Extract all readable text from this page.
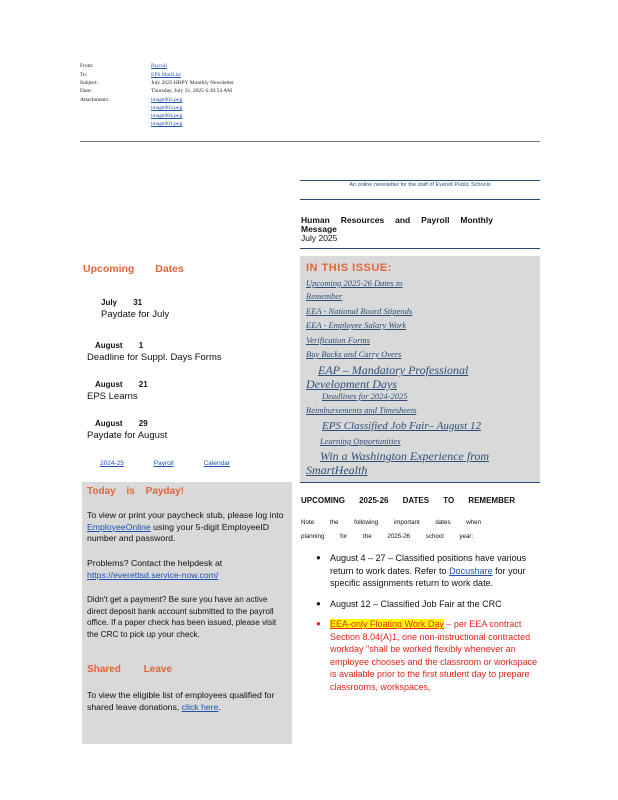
From:	Payroll
To:	EPS MailList
Subject:	July 2025 HRPY Monthly Newsletter
Date:	Thursday, July 31, 2025 6:30:54 AM
Attachments:	image002.png
image003.png
image004.png
image001.png
An online newsletter for the staff of Everett Public Schools
Human Resources and Payroll Monthly
Message
July 2025
IN THIS ISSUE:
Upcoming 2025-26 Dates to
Remember
EEA - National Board Stipends
EEA - Employee Salary Work
Verification Forms
Buy Backs and Carry Overs
EAP – Mandatory Professional
Development Days
Deadlines for 2024-2025
Reimbursements and Timesheets
EPS Classified Job Fair– August 12
Learning Opportunities
Win a Washington Experience from
SmartHealth
Upcoming Dates
July 31
Paydate for July
August 1
Deadline for Suppl. Days Forms
August 21
EPS Learns
August 29
Paydate for August
2024-25	Payroll	Calendar
Today is Payday!
To view or print your paycheck stub, please log into EmployeeOnline using your 5-digit EmployeeID number and password.
Problems? Contact the helpdesk at
https://everettsd.service-now.com/
Didn't get a payment? Be sure you have an active direct deposit bank account submitted to the payroll office. If a paper check has been issued, please visit the CRC to pick up your check.
Shared Leave
To view the eligible list of employees qualified for shared leave donations, click here.
UPCOMING 2025-26 DATES TO REMEMBER
Note the following important dates when planning for the 2025-26 school year:
● August 4 – 27 – Classified positions have various return to work dates. Refer to Docushare for your specific assignments return to work date.
● August 12 – Classified Job Fair at the CRC
● EEA-only Floating Work Day – per EEA contract Section 8.04(A)1, one non-instructional contracted workday "shall be worked flexibly whenever an employee chooses and the classroom or workspace is available prior to the first student day to prepare classrooms, workspaces,
